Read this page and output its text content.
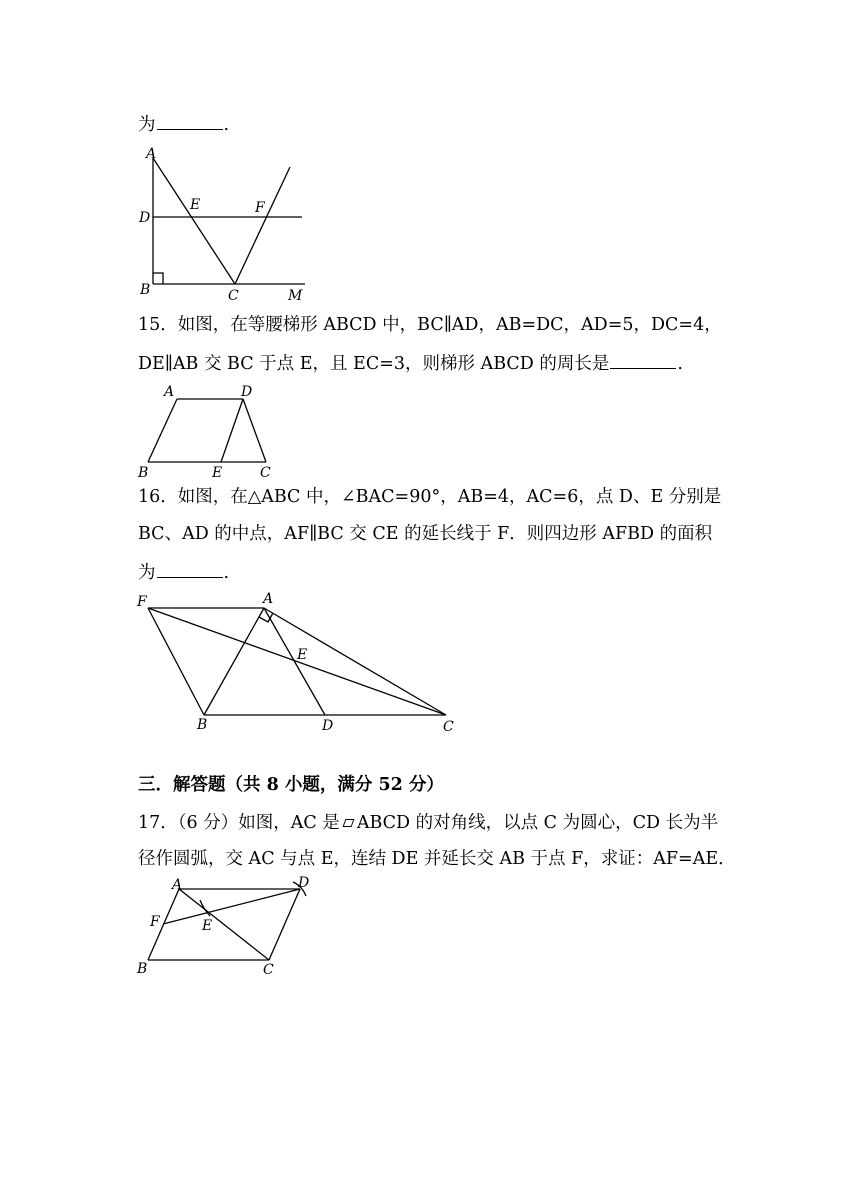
为	.
A
D
E	F
B	C	M
15．如图，在等腰梯形 ABCD 中，BC∥AD，AB=DC，AD=5，DC=4，
DE∥AB 交 BC 于点 E，且 EC=3，则梯形 ABCD 的周长是	.
A	D
B	E	C
16．如图，在△ABC 中，∠BAC=90°，AB=4，AC=6，点 D、E 分别是
BC、AD 的中点，AF∥BC 交 CE 的延长线于 F．则四边形 AFBD 的面积
为	.
F	A
E
B	D	C
三．解答题（共 8 小题，满分 52 分）
17．（6 分）如图，AC 是 ABCD 的对角线，以点 C 为圆心，CD 长为半
径作圆弧，交 AC 与点 E，连结 DE 并延长交 AB 于点 F，求证：AF=AE．
A	D
F	E
B	C
